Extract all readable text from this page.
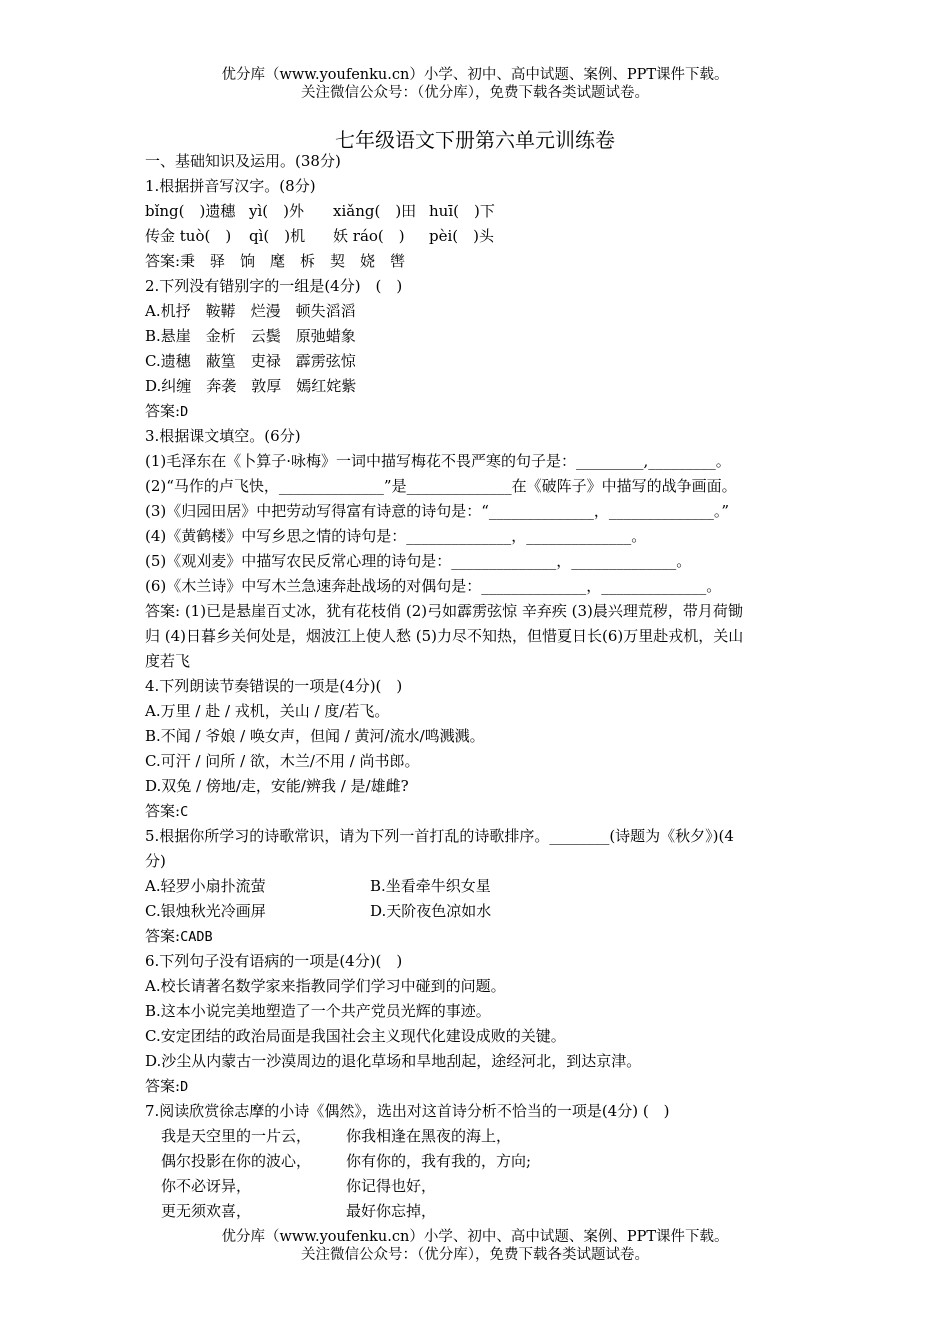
优分库（www.youfenku.cn）小学、初中、高中试题、案例、PPT课件下载。
关注微信公众号：（优分库），免费下载各类试题试卷。
七年级语文下册第六单元训练卷
一、基础知识及运用。(38分)
1.根据拼音写汉字。(8分)
bǐng(　)遗穗 yì(　)外 xiǎng(　)田 huī(　)下
传金 tuò(　) qì(　)机 妖 ráo(　) pèi(　)头
答案:秉　驿　饷　麾　柝　契　娆　辔
2.下列没有错别字的一组是(4分)　(　)
A.机抒　鞍鞯　烂漫　顿失滔滔
B.悬崖　金析　云鬓　原弛蜡象
C.遗穗　蔽篁　吏禄　霹雳弦惊
D.纠缠　奔袭　敦厚　嫣红姹紫
答案:D
3.根据课文填空。(6分)
(1)毛泽东在《卜算子·咏梅》一词中描写梅花不畏严寒的句子是：_________,_________。
(2)“马作的卢飞快，______________”是______________在《破阵子》中描写的战争画面。
(3)《归园田居》中把劳动写得富有诗意的诗句是：“______________，______________。”
(4)《黄鹤楼》中写乡思之情的诗句是：______________，______________。
(5)《观刈麦》中描写农民反常心理的诗句是：______________，______________。
(6)《木兰诗》中写木兰急速奔赴战场的对偶句是：______________，______________。
答案: (1)已是悬崖百丈冰，犹有花枝俏 (2)弓如霹雳弦惊 辛弃疾 (3)晨兴理荒秽，带月荷锄
归 (4)日暮乡关何处是，烟波江上使人愁 (5)力尽不知热，但惜夏日长(6)万里赴戎机，关山
度若飞
4.下列朗读节奏错误的一项是(4分)(　)
A.万里 / 赴 / 戎机，关山 / 度/若飞。
B.不闻 / 爷娘 / 唤女声，但闻 / 黄河/流水/鸣溅溅。
C.可汗 / 问所 / 欲，木兰/不用 / 尚书郎。
D.双兔 / 傍地/走，安能/辨我 / 是/雄雌?
答案:C
5.根据你所学习的诗歌常识，请为下列一首打乱的诗歌排序。________(诗题为《秋夕》)(4
分)
A.轻罗小扇扑流萤	B.坐看牵牛织女星
C.银烛秋光冷画屏	D.天阶夜色凉如水
答案:CADB
6.下列句子没有语病的一项是(4分)(　)
A.校长请著名数学家来指教同学们学习中碰到的问题。
B.这本小说完美地塑造了一个共产党员光辉的事迹。
C.安定团结的政治局面是我国社会主义现代化建设成败的关键。
D.沙尘从内蒙古一沙漠周边的退化草场和旱地刮起，途经河北，到达京津。
答案:D
7.阅读欣赏徐志摩的小诗《偶然》，选出对这首诗分析不恰当的一项是(4分) (　)
我是天空里的一片云， 你我相逢在黑夜的海上，
偶尔投影在你的波心， 你有你的，我有我的，方向;
你不必讶异，	你记得也好，
更无须欢喜，	最好你忘掉，
优分库（www.youfenku.cn）小学、初中、高中试题、案例、PPT课件下载。
关注微信公众号：（优分库），免费下载各类试题试卷。
